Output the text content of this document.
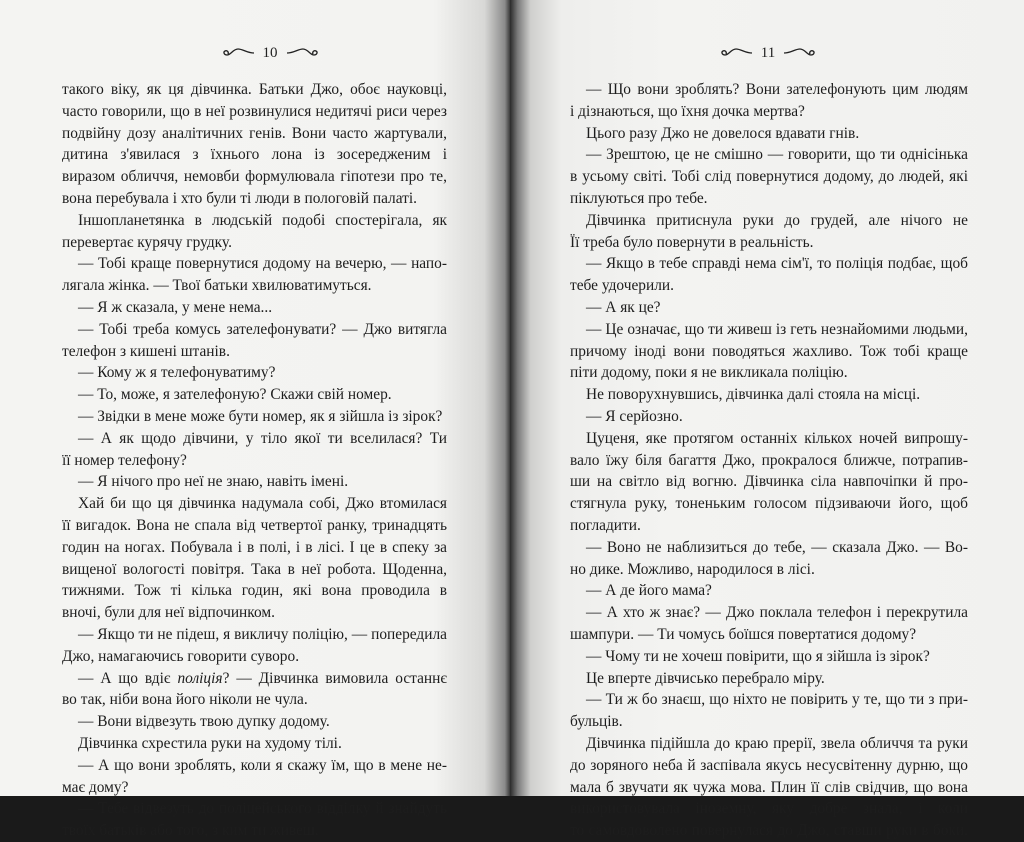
10
такого віку, як ця дівчинка. Батьки Джо, обоє науковці,
часто говорили, що в неї розвинулися недитячі риси через
подвійну дозу аналітичних генів. Вони часто жартували,
дитина з'явилася з їхнього лона із зосередженим і
виразом обличчя, немовби формулювала гіпотези про те,
вона перебувала і хто були ті люди в пологовій палаті.
Іншопланетянка в людській подобі спостерігала, як
перевертає курячу грудку.
— Тобі краще повернутися додому на вечерю, — напо-
лягала жінка. — Твої батьки хвилюватимуться.
— Я ж сказала, у мене нема...
— Тобі треба комусь зателефонувати? — Джо витягла
телефон з кишені штанів.
— Кому ж я телефонуватиму?
— То, може, я зателефоную? Скажи свій номер.
— Звідки в мене може бути номер, як я зійшла із зірок?
— А як щодо дівчини, у тіло якої ти вселилася? Ти
її номер телефону?
— Я нічого про неї не знаю, навіть імені.
Хай би що ця дівчинка надумала собі, Джо втомилася
її вигадок. Вона не спала від четвертої ранку, тринадцять
годин на ногах. Побувала і в полі, і в лісі. І це в спеку за
вищеної вологості повітря. Така в неї робота. Щоденна,
тижнями. Тож ті кілька годин, які вона проводила в
вночі, були для неї відпочинком.
— Якщо ти не підеш, я викличу поліцію, — попередила
Джо, намагаючись говорити суворо.
— А що вдіє поліція? — Дівчинка вимовила останнє
во так, ніби вона його ніколи не чула.
— Вони відвезуть твою дупку додому.
Дівчинка схрестила руки на худому тілі.
— А що вони зроблять, коли я скажу їм, що в мене не-
має дому?
— Тебе відвезуть до поліцейського відділку й знайдуть
твоїх батьків або того, з ким ти живеш.
11
— Що вони зроблять? Вони зателефонують цим людям
і дізнаються, що їхня дочка мертва?
Цього разу Джо не довелося вдавати гнів.
— Зрештою, це не смішно — говорити, що ти однісінька
в усьому світі. Тобі слід повернутися додому, до людей, які
піклуються про тебе.
Дівчинка притиснула руки до грудей, але нічого не
Її треба було повернути в реальність.
— Якщо в тебе справді нема сім'ї, то поліція подбає, щоб
тебе удочерили.
— А як це?
— Це означає, що ти живеш із геть незнайомими людьми,
причому іноді вони поводяться жахливо. Тож тобі краще
піти додому, поки я не викликала поліцію.
Не поворухнувшись, дівчинка далі стояла на місці.
— Я серйозно.
Цуценя, яке протягом останніх кількох ночей випрошу-
вало їжу біля багаття Джо, прокралося ближче, потрапив-
ши на світло від вогню. Дівчинка сіла навпочіпки й про-
стягнула руку, тоненьким голосом підзиваючи його, щоб
погладити.
— Воно не наблизиться до тебе, — сказала Джо. — Во-
но дике. Можливо, народилося в лісі.
— А де його мама?
— А хто ж знає? — Джо поклала телефон і перекрутила
шампури. — Ти чомусь боїшся повертатися додому?
— Чому ти не хочеш повірити, що я зійшла із зірок?
Це вперте дівчисько перебрало міру.
— Ти ж бо знаєш, що ніхто не повірить у те, що ти з при-
бульців.
Дівчинка підійшла до краю прерії, звела обличчя та руки
до зоряного неба й заспівала якусь несусвітенну дурню, що
мала б звучати як чужа мова. Плин її слів свідчив, що вона
використовувала іноземну, яку добре знала, і коли
то самовдоволено повернулася до Джо, ставши руки в боки.
